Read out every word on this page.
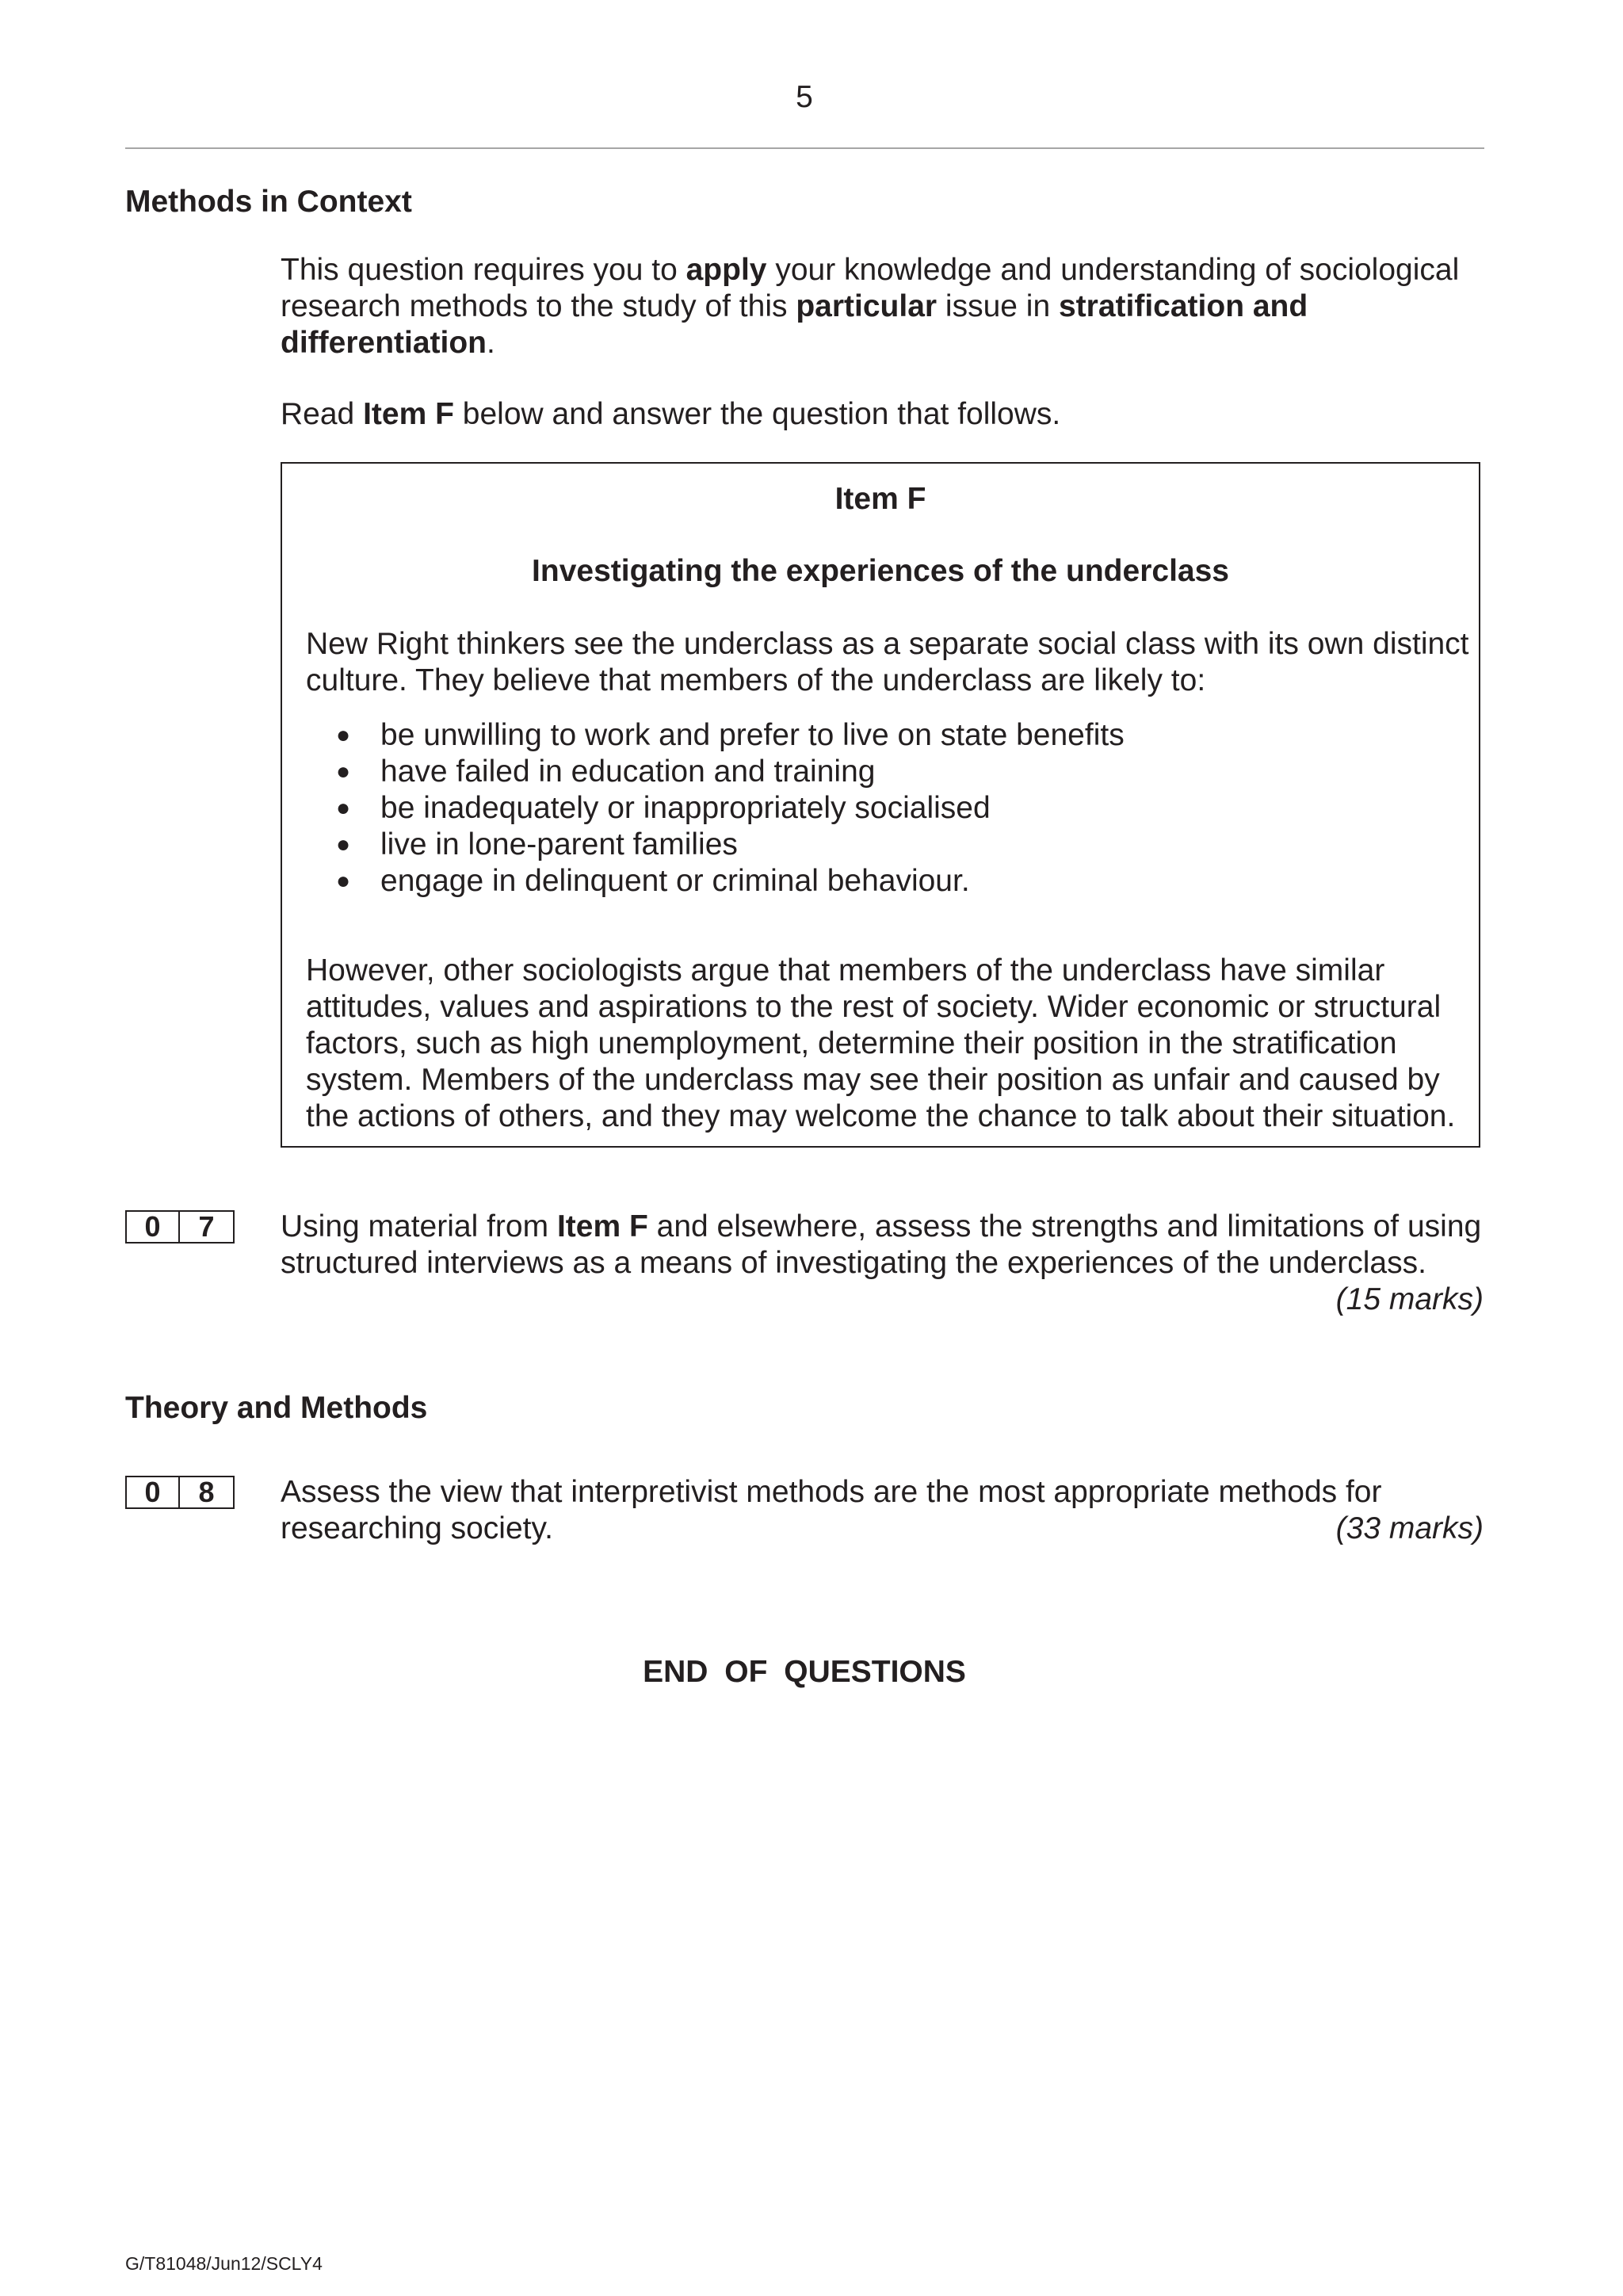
5
Methods in Context

This question requires you to apply your knowledge and understanding of sociological research methods to the study of this particular issue in stratification and differentiation.

Read Item F below and answer the question that follows.

Item F
Investigating the experiences of the underclass

New Right thinkers see the underclass as a separate social class with its own distinct culture. They believe that members of the underclass are likely to:

● be unwilling to work and prefer to live on state benefits
● have failed in education and training
● be inadequately or inappropriately socialised
● live in lone-parent families
● engage in delinquent or criminal behaviour.

However, other sociologists argue that members of the underclass have similar attitudes, values and aspirations to the rest of society. Wider economic or structural factors, such as high unemployment, determine their position in the stratification system. Members of the underclass may see their position as unfair and caused by the actions of others, and they may welcome the chance to talk about their situation.

0	7	Using material from Item F and elsewhere, assess the strengths and limitations of using

structured interviews as a means of investigating the experiences of the underclass.

(15 marks)
Theory and Methods
0	8	Assess the view that interpretivist methods are the most appropriate methods for

researching society.	(33 marks)
END OF QUESTIONS
G/T81048/Jun12/SCLY4
